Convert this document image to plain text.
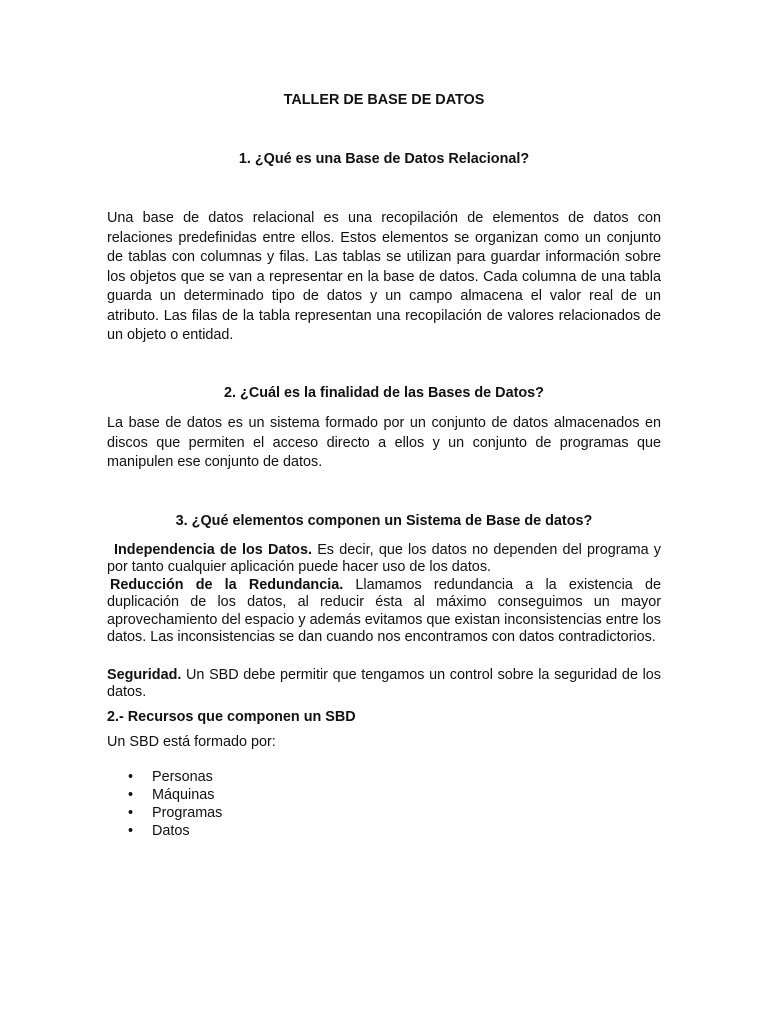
TALLER DE BASE DE DATOS
1. ¿Qué es una Base de Datos Relacional?
Una base de datos relacional es una recopilación de elementos de datos con relaciones predefinidas entre ellos. Estos elementos se organizan como un conjunto de tablas con columnas y filas. Las tablas se utilizan para guardar información sobre los objetos que se van a representar en la base de datos. Cada columna de una tabla guarda un determinado tipo de datos y un campo almacena el valor real de un atributo. Las filas de la tabla representan una recopilación de valores relacionados de un objeto o entidad.
2. ¿Cuál es la finalidad de las Bases de Datos?
La base de datos es un sistema formado por un conjunto de datos almacenados en discos que permiten el acceso directo a ellos y un conjunto de programas que manipulen ese conjunto de datos.
3. ¿Qué elementos componen un Sistema de Base de datos?
Independencia de los Datos. Es decir, que los datos no dependen del programa y por tanto cualquier aplicación puede hacer uso de los datos.
Reducción de la Redundancia. Llamamos redundancia a la existencia de duplicación de los datos, al reducir ésta al máximo conseguimos un mayor aprovechamiento del espacio y además evitamos que existan inconsistencias entre los datos. Las inconsistencias se dan cuando nos encontramos con datos contradictorios.
Seguridad. Un SBD debe permitir que tengamos un control sobre la seguridad de los datos.
2.- Recursos que componen un SBD
Un SBD está formado por:
• Personas
• Máquinas
• Programas
• Datos
